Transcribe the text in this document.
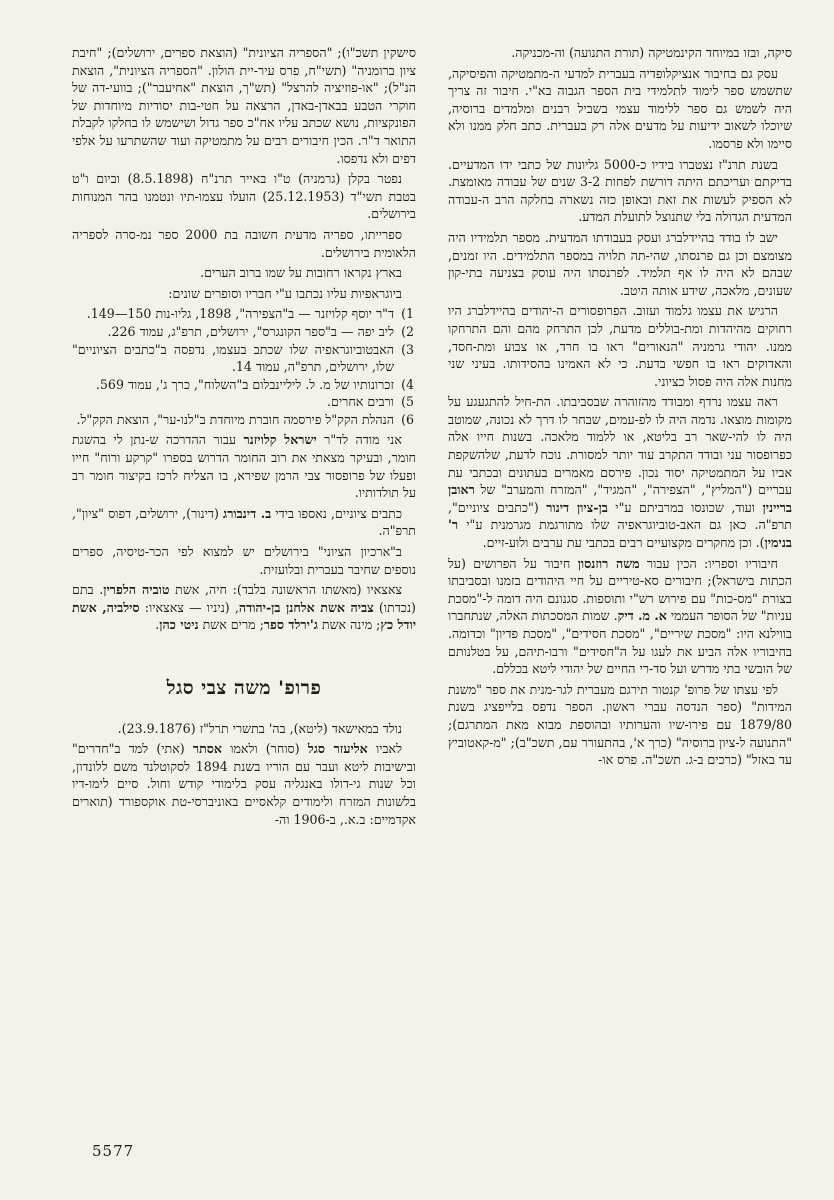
סיקה, ובזו במיוחד הקינמטיקה (תורת התנועה) וה-מכניקה.

עסק גם בחיבור אנציקלופדיה בעברית למדעי ה-מתמטיקה והפיסיקה, שתשמש ספר לימוד לתלמידי בית הספר הגבוה בא"י. חיבור זה צריך היה לשמש גם ספר ללימוד עצמי בשביל רבנים ומלמדים ברוסיה, שיוכלו לשאוב ידיעות על מדעים אלה רק בעברית. כתב חלק ממנו ולא סיימו ולא פרסמו.

בשנת תרנ"ז נצטברו בידיו כ-5000 גליונות של כתבי ידו המדעיים. בדיקתם ועריכתם היתה דורשת לפחות 3-2 שנים של עבודה מאומצת. לא הספיק לעשות את זאת ובאופן כזה נשארה בחלקה הרב ה-עבודה המדעית הגדולה בלי שתנוצל לתועלת המדע.

ישב לו בודד בהיידלברג ועסק בעבודתו המדעית. מספר תלמידיו היה מצומצם וכן גם פרנסתו, שהי-תה תלויה במספר התלמידים. היו זמנים, שבהם לא היה לו אף תלמיד. לפרנסתו היה עוסק בצניעה בתי-קון שעונים, מלאכה, שידע אותה היטב.

הרגיש את עצמו גלמוד ועזוב. הפרופסורים ה-יהודים בהיידלברג היו רחוקים מהיהדות ומת-בוללים מדעת, לכן התרחק מהם והם התרחקו ממנו. יהודי גרמניה "הנאורים" ראו בו חרד, או צבוע ומת-חסד, והאדוקים ראו בו חפשי בדעת. כי לא האמינו בהסידותו. בעיני שני מחנות אלה היה פסול כציוני.

ראה עצמו נרדף ומבודד מהזוהרה שבסביבתו. הת-חיל להתגעגע על מקומות מוצאו. נדמה היה לו לפ-עמים, שבחר לו דרך לא נכונה, שמוטב היה לו להי-שאר רב בליטא, או ללמוד מלאכה. בשנות חייו אלה כפרופסור עני ובודד התקרב עוד יותר למסורת. נוכח לדעת, שלהשקפת אביו על המתמטיקה יסוד נכון. פירסם מאמרים בעתונים ובכתבי עת עבריים ("המליץ", "הצפירה", "המגיד", "המזרח והמערב" של ראובן בריינין ועוד, שכונסו במרביתם ע"י בן-ציון דינור ("כתבים ציוניים", תרפ"ה. כאן גם האב-טוביוגראפיה שלו מתורגמת מגרמנית ע"י ר' בנימין). וכן מחקרים מקצועיים רבים בכתבי עת ערבים ולוע-זיים.

חיבוריו וספריו: הכין עבור משה רוזנסון חיבור על הפרושים (על הכתות בישראל); חיבורים סא-טיריים על חיי היהודים בזמנו ובסביבתו בצורת "מס-כות" עם פירוש רש"י ותוספות. סגנונם היה דומה ל-"מסכת עניות" של הסופר העממי א. מ. דיק. שמות המסכתות האלה, שנתחברו בווילנא היו: "מסכת שיריים", "מסכת חסידים", "מסכת פדיון" וכדומה. בחיבוריו אלה הביע את לעגו על ה"חסידים" ורבו-תיהם, על בטלנותם של הובשי בתי מדרש ועל סד-רי החיים של יהודי ליטא בכללם.

לפי עצתו של פרופ' קנטור תירגם מעברית לגר-מנית את ספר "משנת המידות" (ספר הנדסה עברי ראשון. הספר נדפס בלייפציג בשנת 1879/80 עם פירו-שיו והערותיו ובהוספת מבוא מאת המתרגם); "התנועה ל-ציון ברוסיה" (כרך א', בהתעורר עם, תשכ"ב); "מ-קאטוביץ עד באזל" (כרכים ב-ג. תשכ"ה. פרס או-

סישקין תשכ"ו); "הספריה הציונית" (הוצאת ספרים, ירושלים); "חיבת ציון ברומניה" (תשי"ח, פרס עיר-יית הולון. "הספריה הציונית", הוצאת הנ"ל); "או-פוזיציה להרצל" (תש"ך, הוצאת "אחיעבר"); בוועי-דה של חוקרי הטבע בבאדן-באדן, הרצאה על חטי-בות יסודיות מיוחדות של הפונקציות, נושא שכתב עליו אח"כ ספר גדול ושישמש לו בחלקו לקבלת התואר ד"ר. הכין חיבורים רבים על מתמטיקה ועוד שהשתרעו על אלפי דפים ולא נדפסו.

נפטר בקלן (גרמניה) ט"ו באייר תרנ"ח (8.5.1898) וביום ו"ט בטבת תשי"ד (25.12.1953) הועלו עצמו-תיו ונטמנו בהר המנוחות בירושלים.

ספרייתו, ספריה מדעית חשובה בת 2000 ספר נמ-סרה לספריה הלאומית בירושלים.

בארץ נקראו רחובות על שמו ברוב הערים.

ביוגראפיות עליו נכתבו ע"י חבריו וסופרים שונים:

1)
ד"ר יוסף קלויזנר — ב"הצפירה", 1898, גליו-נות 150—149.
2)
ליב יפה — ב"ספר הקונגרס", ירושלים, תרפ"ג, עמוד 226.
3)
האבטוביוגראפיה שלו שכתב בעצמו, נדפסה ב"כתבים הציוניים" שלו, ירושלים, תרפ"ה, עמוד 14.
4)
זכרונותיו של מ. ל. ליליינבלום ב"השלוח", כרך ג', עמוד 569.
5)
ורבים אחרים.
6)
הנהלת הקק"ל פירסמה חוברת מיוחדת ב"לנו-ער", הוצאת הקק"ל.

אני מודה לד"ר ישראל קלויזנר עבור ההדרכה ש-נתן לי בהשגת חומר, ובעיקר מצאתי את רוב החומר הדרוש בספרו "קרקע ורוח" חייו ופעלו של פרופסור צבי הרמן שפירא, בו הצליח לרכז בקיצור חומר רב על תולדותיו.

כתבים ציוניים, נאספו בידי ב. דינבורג (דינור), ירושלים, דפוס "ציון", תרפ"ה.

ב"ארכיון הציוני" בירושלים יש למצוא לפי הכר-טיסיה, ספרים נוספים שחיבר בעברית ובלועזית.

צאצאיו (מאשתו הראשונה בלבד): חיה, אשת טוביה הלפרין. בתם (נכדתו) צביה אשת אלחנן בן-יהודה, (ניניו — צאצאיו: סילביה, אשת יודל כץ; מינה אשת ג'ירלד ספר; מרים אשת ניטי כהן.

פרופ' משה צבי סגל

נולד במאישאד (ליטא), בה' בתשרי תרל"ז (23.9.1876).

לאביו אליעזר סגל (סוחר) ולאמו אסתר (אתי) למד ב"חדרים" ובישיבות ליטא ועבר עם הוריו בשנת 1894 לסקוטלנד משם ללונדון, וכל שנות גי-דולו באנגליה עסק בלימודי קודש וחול. סיים לימו-דיו בלשונות המזרח ולימודים קלאסיים באוניברסי-טת אוקספורד (תוארים אקדמיים: ב.א., ב-1906 וה-

5577
